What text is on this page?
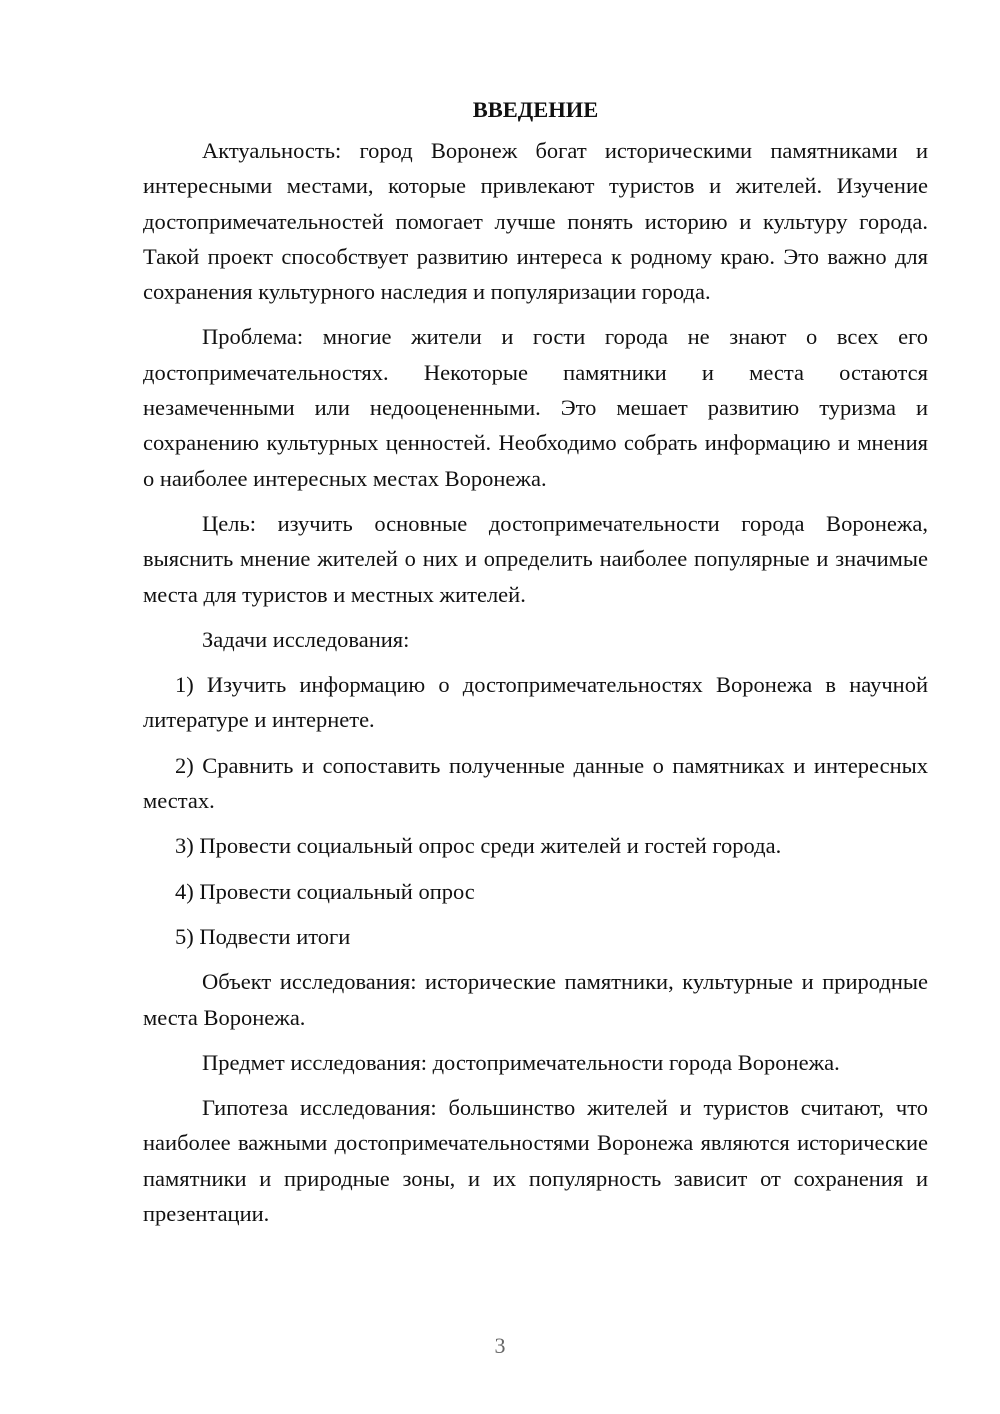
ВВЕДЕНИЕ

Актуальность: город Воронеж богат историческими памятниками и интересными местами, которые привлекают туристов и жителей. Изучение достопримечательностей помогает лучше понять историю и культуру города. Такой проект способствует развитию интереса к родному краю. Это важно для сохранения культурного наследия и популяризации города.

Проблема: многие жители и гости города не знают о всех его достопримечательностях. Некоторые памятники и места остаются незамеченными или недооцененными. Это мешает развитию туризма и сохранению культурных ценностей. Необходимо собрать информацию и мнения о наиболее интересных местах Воронежа.

Цель: изучить основные достопримечательности города Воронежа, выяснить мнение жителей о них и определить наиболее популярные и значимые места для туристов и местных жителей.

Задачи исследования:

1) Изучить информацию о достопримечательностях Воронежа в научной литературе и интернете.

2) Сравнить и сопоставить полученные данные о памятниках и интересных местах.

3) Провести социальный опрос среди жителей и гостей города.

4) Провести социальный опрос

5) Подвести итоги

Объект исследования: исторические памятники, культурные и природные места Воронежа.

Предмет исследования: достопримечательности города Воронежа.

Гипотеза исследования: большинство жителей и туристов считают, что наиболее важными достопримечательностями Воронежа являются исторические памятники и природные зоны, и их популярность зависит от сохранения и презентации.

3
